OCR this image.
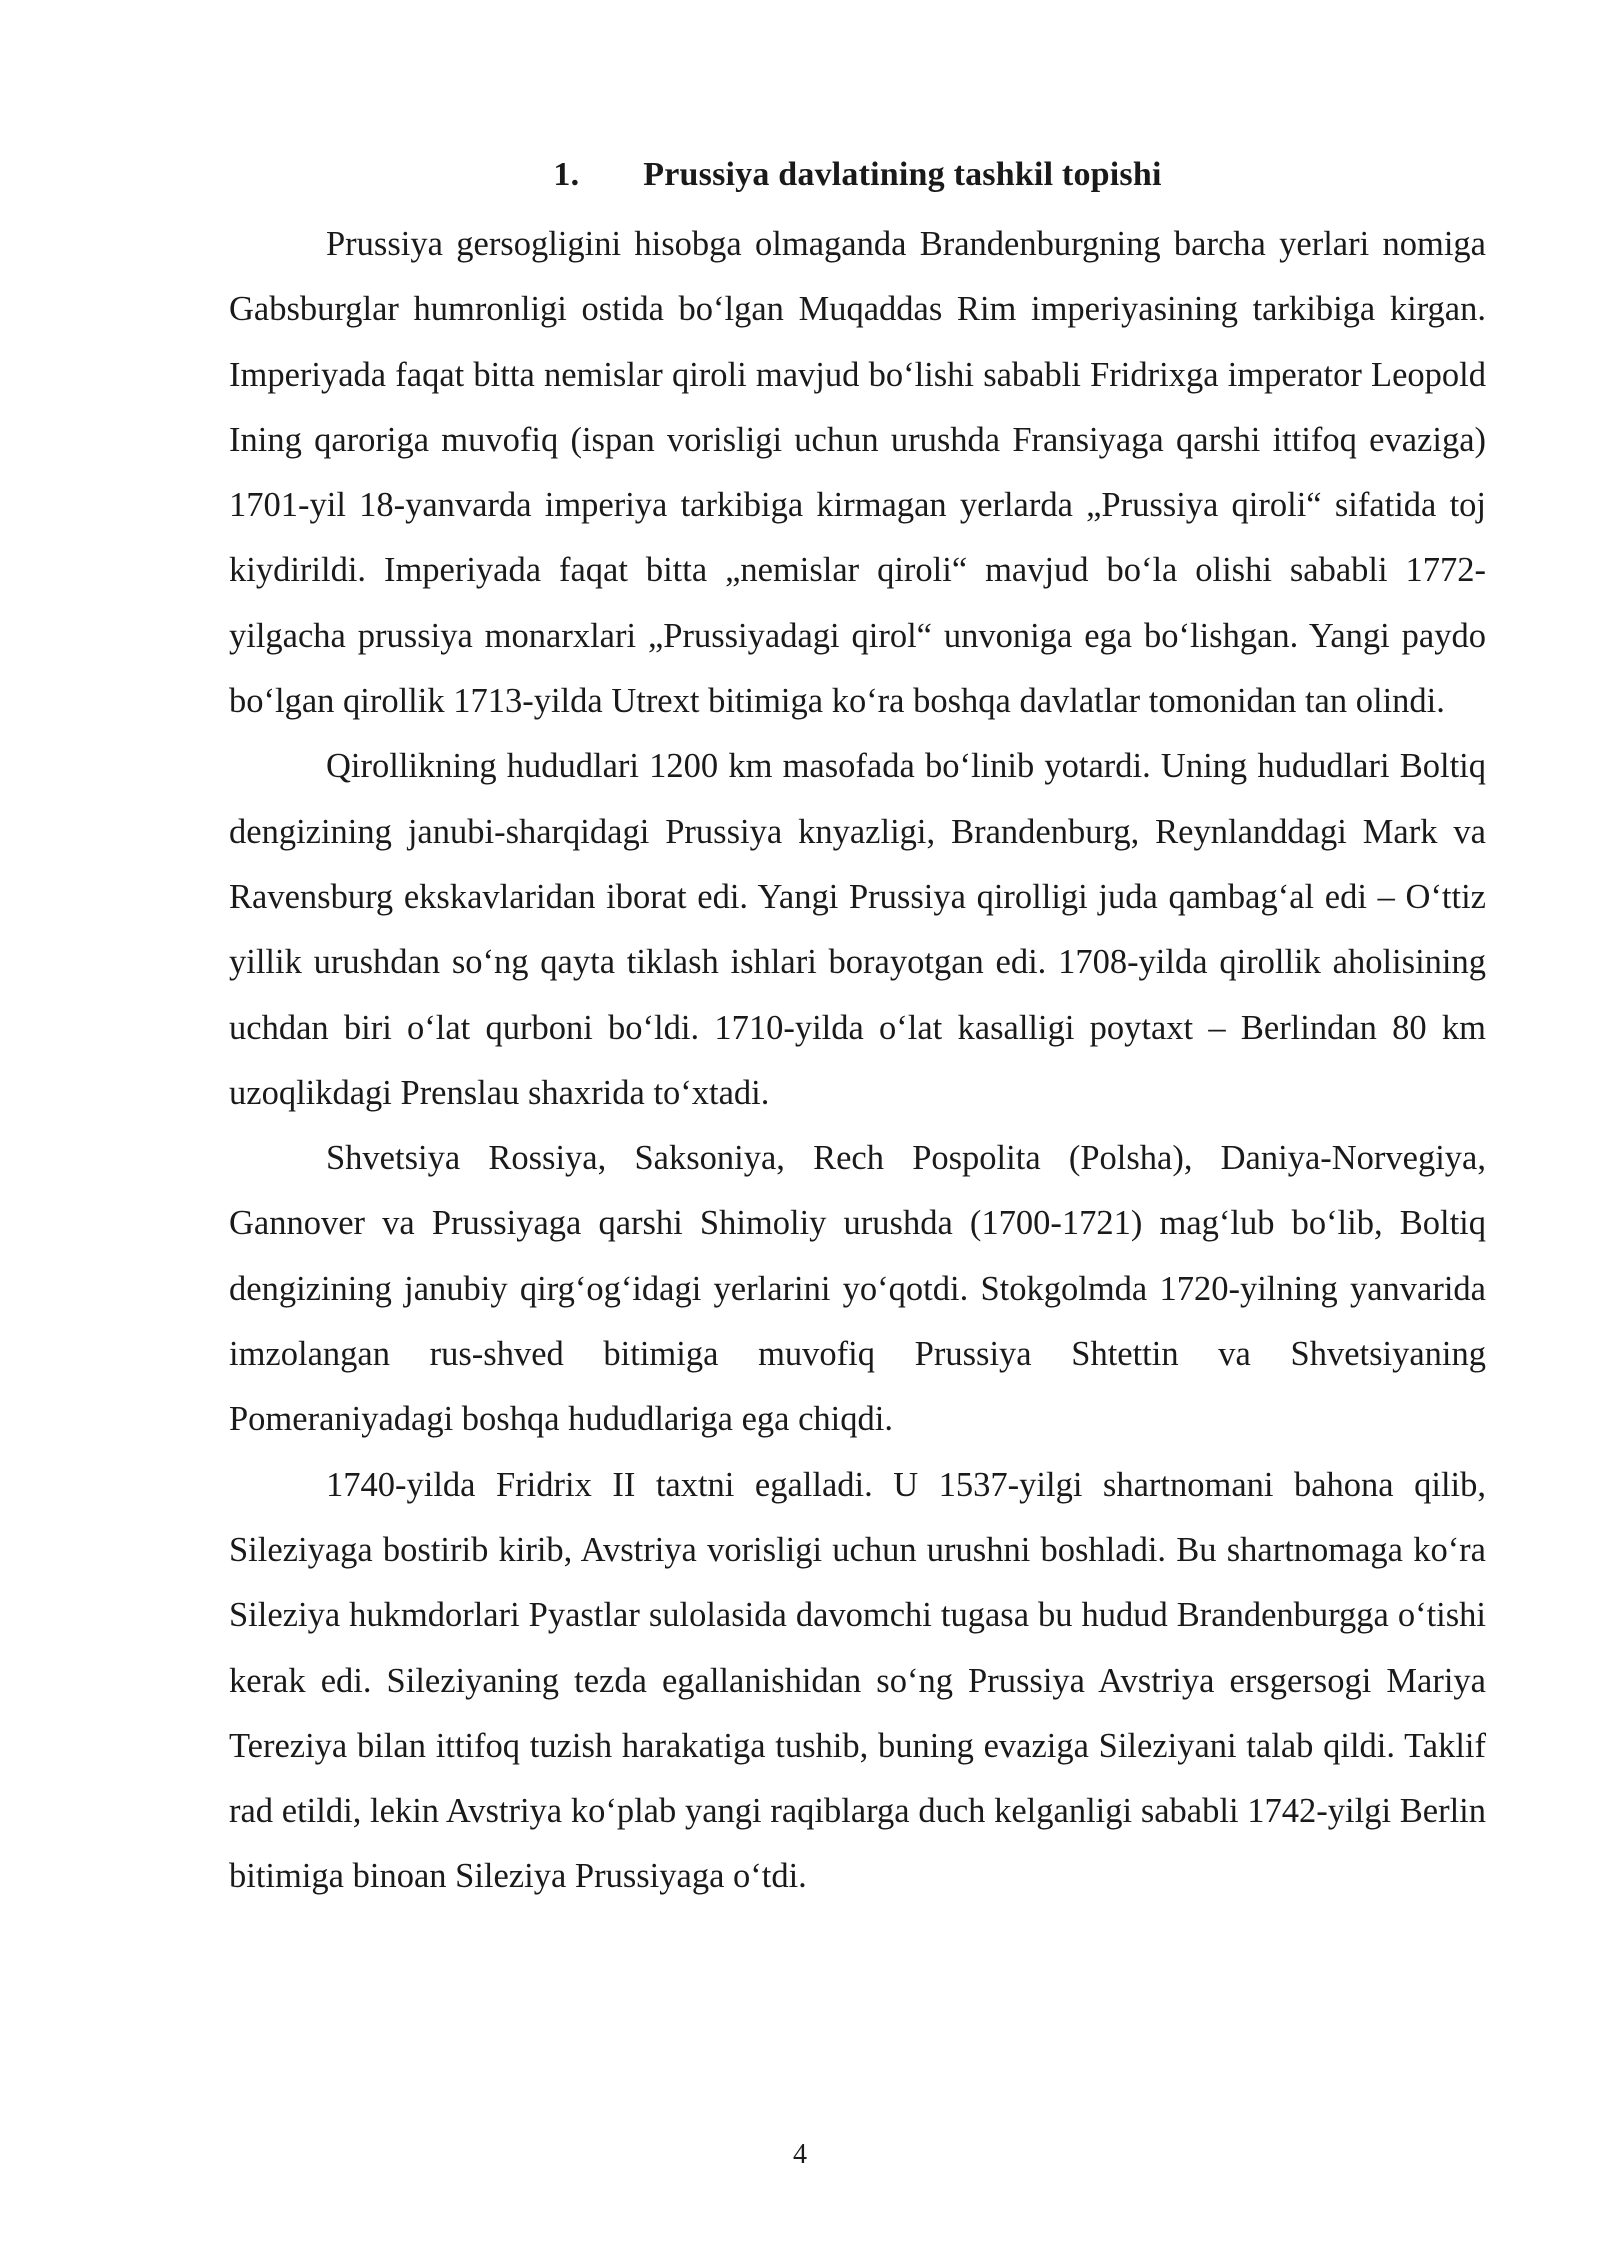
1. Prussiya davlatining tashkil topishi

Prussiya gersogligini hisobga olmaganda Brandenburgning barcha yerlari nomiga Gabsburglar humronligi ostida boʻlgan Muqaddas Rim imperiyasining tarkibiga kirgan. Imperiyada faqat bitta nemislar qiroli mavjud boʻlishi sababli Fridrixga imperator Leopold Ining qaroriga muvofiq (ispan vorisligi uchun urushda Fransiyaga qarshi ittifoq evaziga) 1701-yil 18-yanvarda imperiya tarkibiga kirmagan yerlarda „Prussiya qiroli“ sifatida toj kiydirildi. Imperiyada faqat bitta „nemislar qiroli“ mavjud boʻla olishi sababli 1772-yilgacha prussiya monarxlari „Prussiyadagi qirol“ unvoniga ega boʻlishgan. Yangi paydo boʻlgan qirollik 1713-yilda Utrext bitimiga koʻra boshqa davlatlar tomonidan tan olindi.

Qirollikning hududlari 1200 km masofada boʻlinib yotardi. Uning hududlari Boltiq dengizining janubi-sharqidagi Prussiya knyazligi, Brandenburg, Reynlanddagi Mark va Ravensburg ekskavlaridan iborat edi. Yangi Prussiya qirolligi juda qambagʻal edi – Oʻttiz yillik urushdan soʻng qayta tiklash ishlari borayotgan edi. 1708-yilda qirollik aholisining uchdan biri oʻlat qurboni boʻldi. 1710-yilda oʻlat kasalligi poytaxt – Berlindan 80 km uzoqlikdagi Prenslau shaxrida toʻxtadi.

Shvetsiya Rossiya, Saksoniya, Rech Pospolita (Polsha), Daniya-Norvegiya, Gannover va Prussiyaga qarshi Shimoliy urushda (1700-1721) magʻlub boʻlib, Boltiq dengizining janubiy qirgʻogʻidagi yerlarini yoʻqotdi. Stokgolmda 1720-yilning yanvarida imzolangan rus-shved bitimiga muvofiq Prussiya Shtettin va Shvetsiyaning Pomeraniyadagi boshqa hududlariga ega chiqdi.

1740-yilda Fridrix II taxtni egalladi. U 1537-yilgi shartnomani bahona qilib, Sileziyaga bostirib kirib, Avstriya vorisligi uchun urushni boshladi. Bu shartnomaga koʻra Sileziya hukmdorlari Pyastlar sulolasida davomchi tugasa bu hudud Brandenburgga oʻtishi kerak edi. Sileziyaning tezda egallanishidan soʻng Prussiya Avstriya ersgersogi Mariya Tereziya bilan ittifoq tuzish harakatiga tushib, buning evaziga Sileziyani talab qildi. Taklif rad etildi, lekin Avstriya koʻplab yangi raqiblarga duch kelganligi sababli 1742-yilgi Berlin bitimiga binoan Sileziya Prussiyaga oʻtdi.

4
